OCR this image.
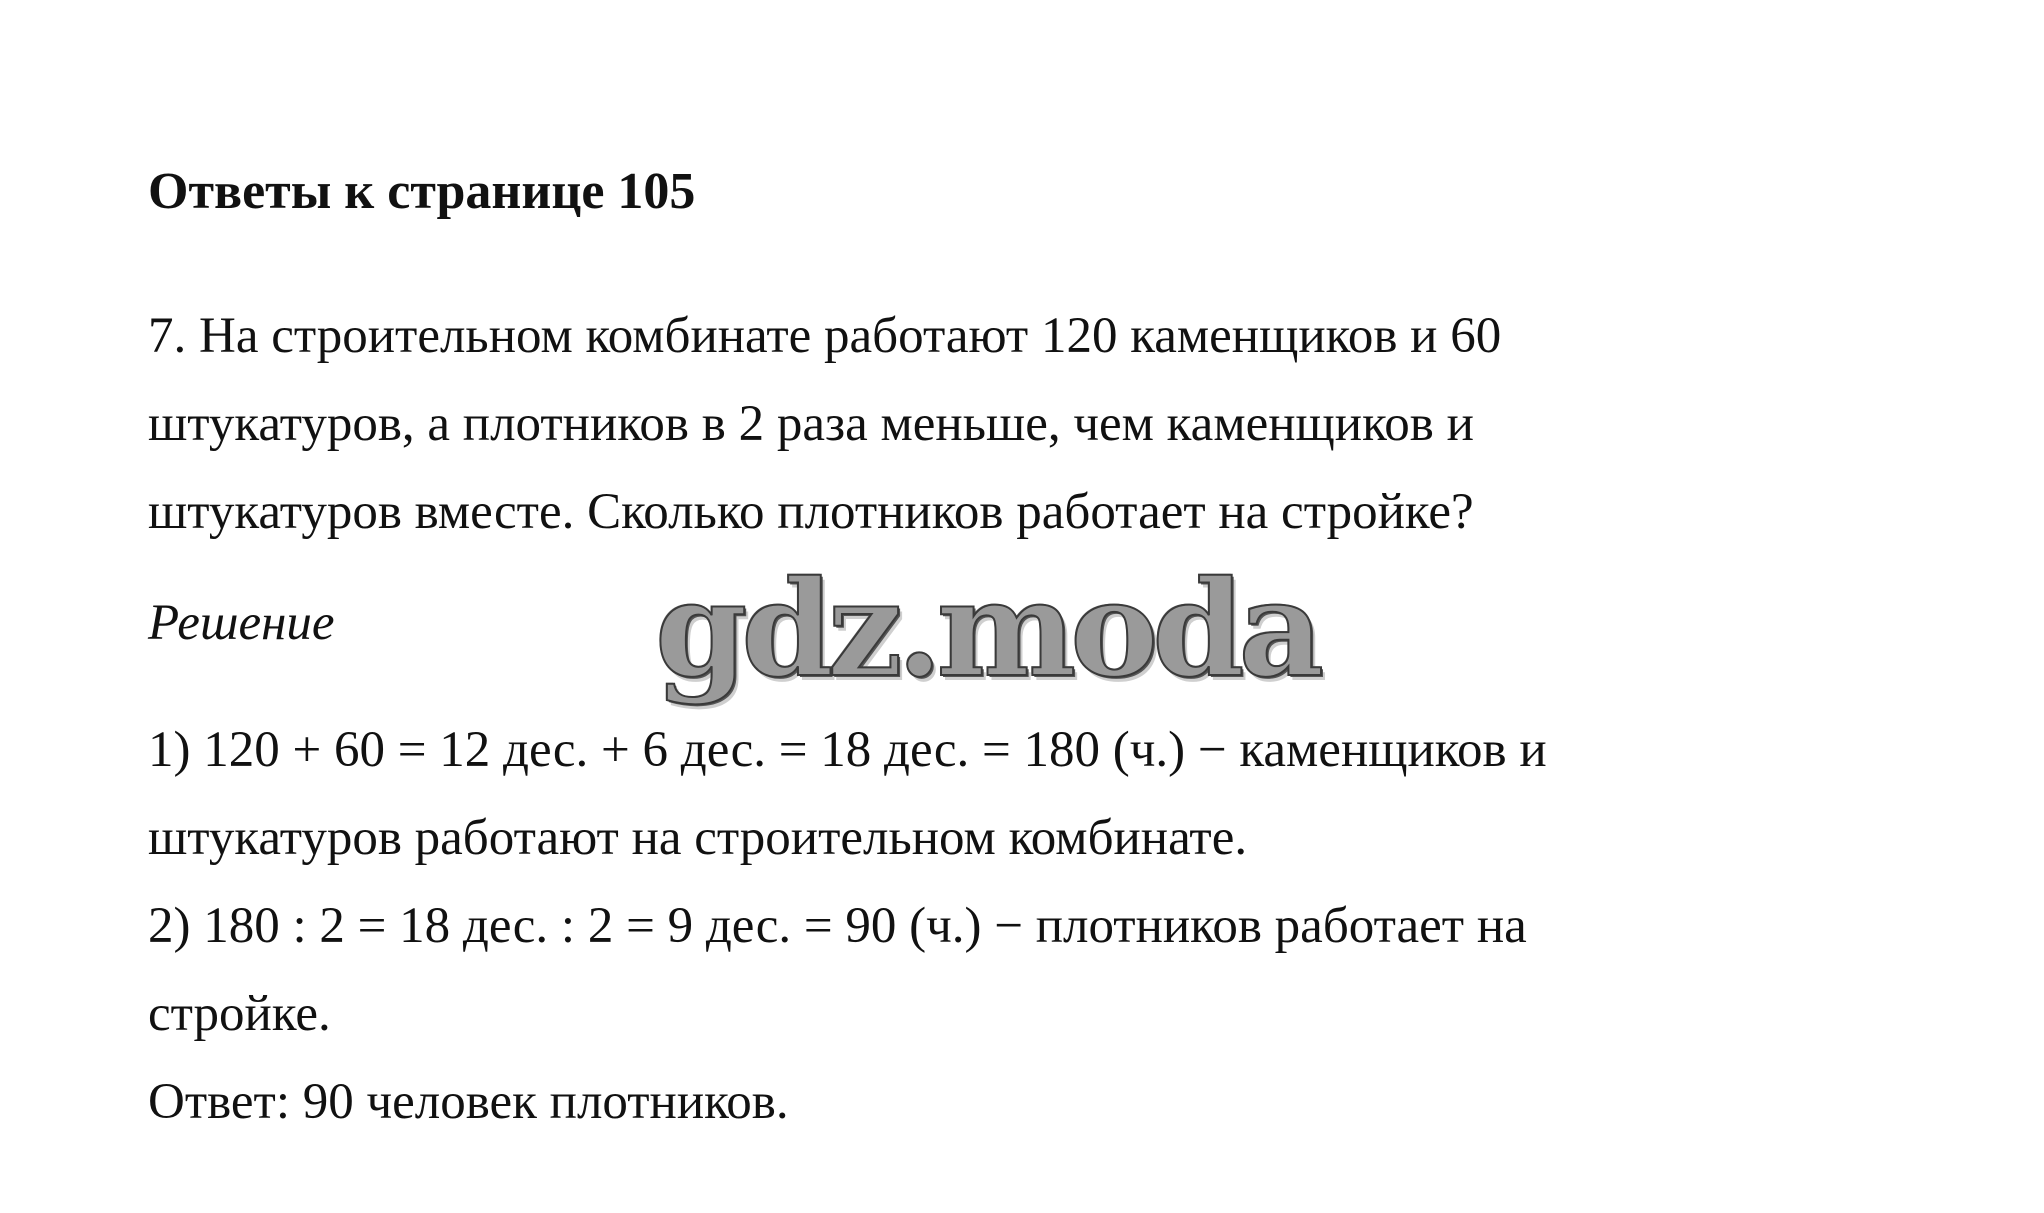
Ответы к странице 105
7. На строительном комбинате работают 120 каменщиков и 60
штукатуров, а плотников в 2 раза меньше, чем каменщиков и
штукатуров вместе. Сколько плотников работает на стройке?
Решение gdz.moda
1) 120 + 60 = 12 дес. + 6 дес. = 18 дес. = 180 (ч.) − каменщиков и
штукатуров работают на строительном комбинате.
2) 180 : 2 = 18 дес. : 2 = 9 дес. = 90 (ч.) − плотников работает на
стройке.
Ответ: 90 человек плотников.
